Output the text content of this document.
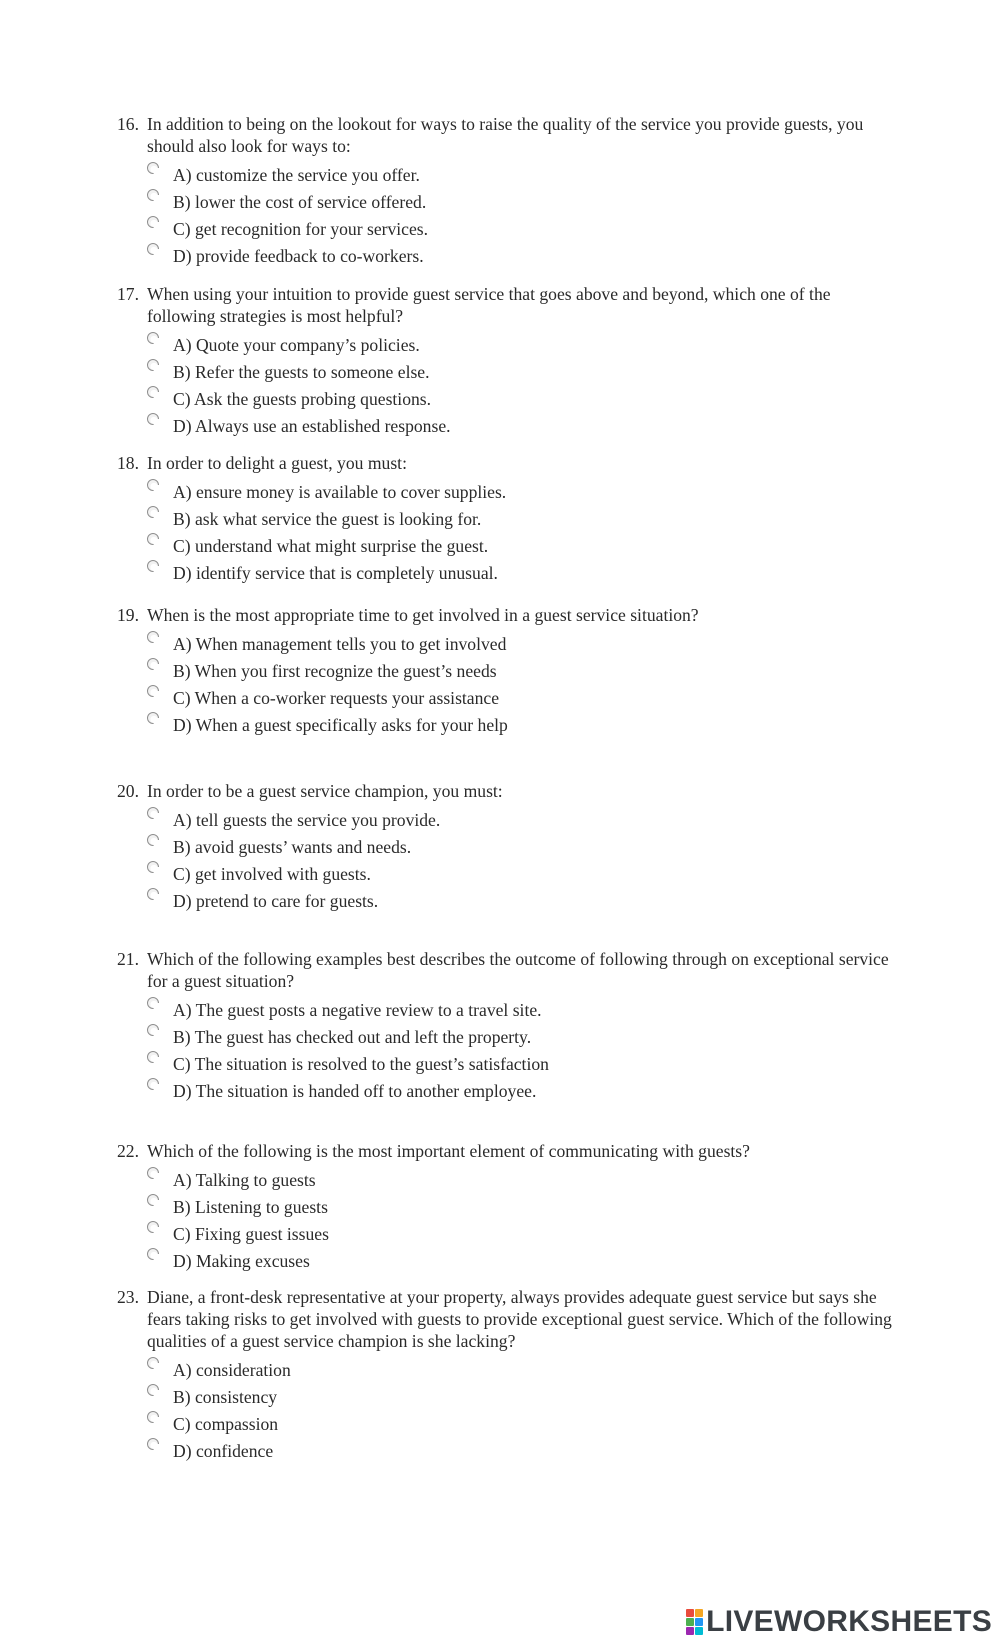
16. In addition to being on the lookout for ways to raise the quality of the service you provide guests, you should also look for ways to:
A) customize the service you offer.
B) lower the cost of service offered.
C) get recognition for your services.
D) provide feedback to co-workers.
17. When using your intuition to provide guest service that goes above and beyond, which one of the following strategies is most helpful?
A) Quote your company’s policies.
B) Refer the guests to someone else.
C) Ask the guests probing questions.
D) Always use an established response.
18. In order to delight a guest, you must:
A) ensure money is available to cover supplies.
B) ask what service the guest is looking for.
C) understand what might surprise the guest.
D) identify service that is completely unusual.
19. When is the most appropriate time to get involved in a guest service situation?
A) When management tells you to get involved
B) When you first recognize the guest’s needs
C) When a co-worker requests your assistance
D) When a guest specifically asks for your help
20. In order to be a guest service champion, you must:
A) tell guests the service you provide.
B) avoid guests’ wants and needs.
C) get involved with guests.
D) pretend to care for guests.
21. Which of the following examples best describes the outcome of following through on exceptional service for a guest situation?
A) The guest posts a negative review to a travel site.
B) The guest has checked out and left the property.
C) The situation is resolved to the guest’s satisfaction
D) The situation is handed off to another employee.
22. Which of the following is the most important element of communicating with guests?
A) Talking to guests
B) Listening to guests
C) Fixing guest issues
D) Making excuses
23. Diane, a front-desk representative at your property, always provides adequate guest service but says she fears taking risks to get involved with guests to provide exceptional guest service. Which of the following qualities of a guest service champion is she lacking?
A) consideration
B) consistency
C) compassion
D) confidence
LIVEWORKSHEETS
